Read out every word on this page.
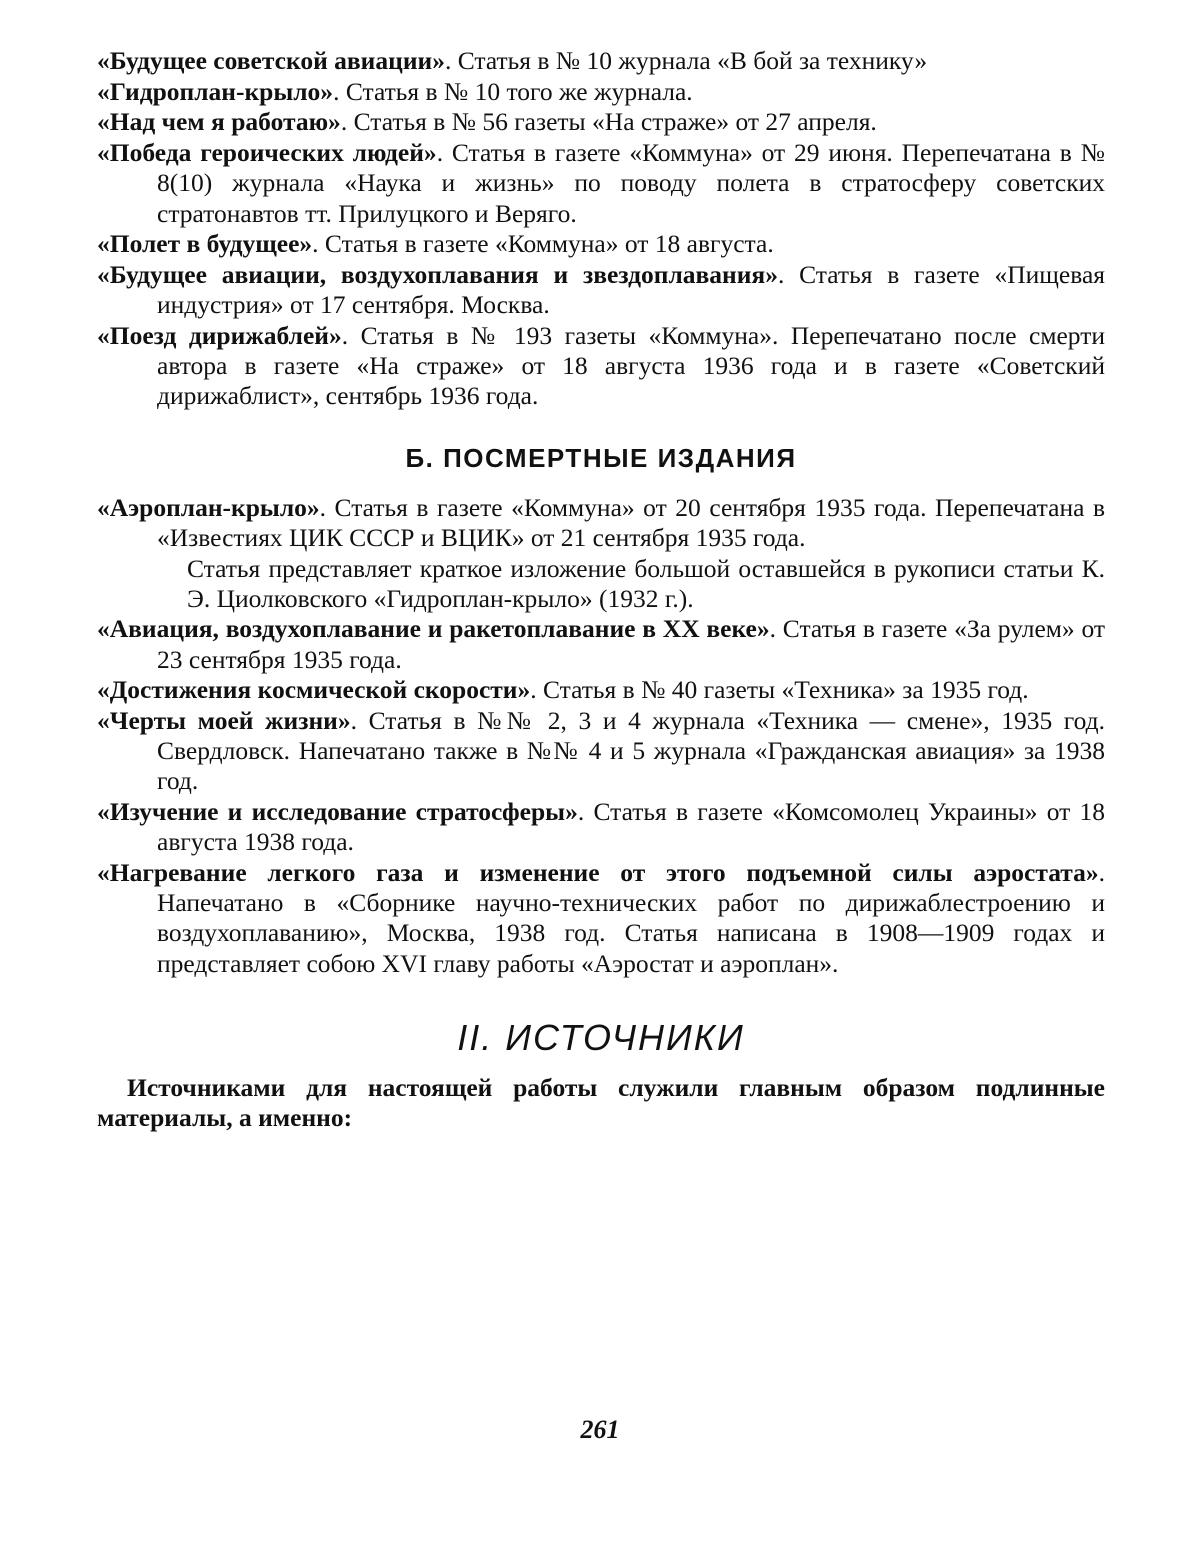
«Будущее советской авиации». Статья в № 10 журнала «В бой за технику»

«Гидроплан-крыло». Статья в № 10 того же журнала.

«Над чем я работаю». Статья в № 56 газеты «На страже» от 27 апреля.

«Победа героических людей». Статья в газете «Коммуна» от 29 июня. Перепечатана в № 8(10) журнала «Наука и жизнь» по поводу полета в стратосферу советских стратонавтов тт. Прилуцкого и Веряго.

«Полет в будущее». Статья в газете «Коммуна» от 18 августа.

«Будущее авиации, воздухоплавания и звездоплавания». Статья в газете «Пищевая индустрия» от 17 сентября. Москва.

«Поезд дирижаблей». Статья в № 193 газеты «Коммуна». Перепечатано после смерти автора в газете «На страже» от 18 августа 1936 года и в газете «Советский дирижаблист», сентябрь 1936 года.

Б. ПОСМЕРТНЫЕ ИЗДАНИЯ

«Аэроплан-крыло». Статья в газете «Коммуна» от 20 сентября 1935 года. Перепечатана в «Известиях ЦИК СССР и ВЦИК» от 21 сентября 1935 года.

Статья представляет краткое изложение большой оставшейся в рукописи статьи К. Э. Циолковского «Гидроплан-крыло» (1932 г.).

«Авиация, воздухоплавание и ракетоплавание в XX веке». Статья в газете «За рулем» от 23 сентября 1935 года.

«Достижения космической скорости». Статья в № 40 газеты «Техника» за 1935 год.

«Черты моей жизни». Статья в №№ 2, 3 и 4 журнала «Техника — смене», 1935 год. Свердловск. Напечатано также в №№ 4 и 5 журнала «Гражданская авиация» за 1938 год.

«Изучение и исследование стратосферы». Статья в газете «Комсомолец Украины» от 18 августа 1938 года.

«Нагревание легкого газа и изменение от этого подъемной силы аэростата». Напечатано в «Сборнике научно-технических работ по дирижаблестроению и воздухоплаванию», Москва, 1938 год. Статья написана в 1908—1909 годах и представляет собою XVI главу работы «Аэростат и аэроплан».

II. ИСТОЧНИКИ

Источниками для настоящей работы служили главным образом подлинные материалы, а именно:

261
